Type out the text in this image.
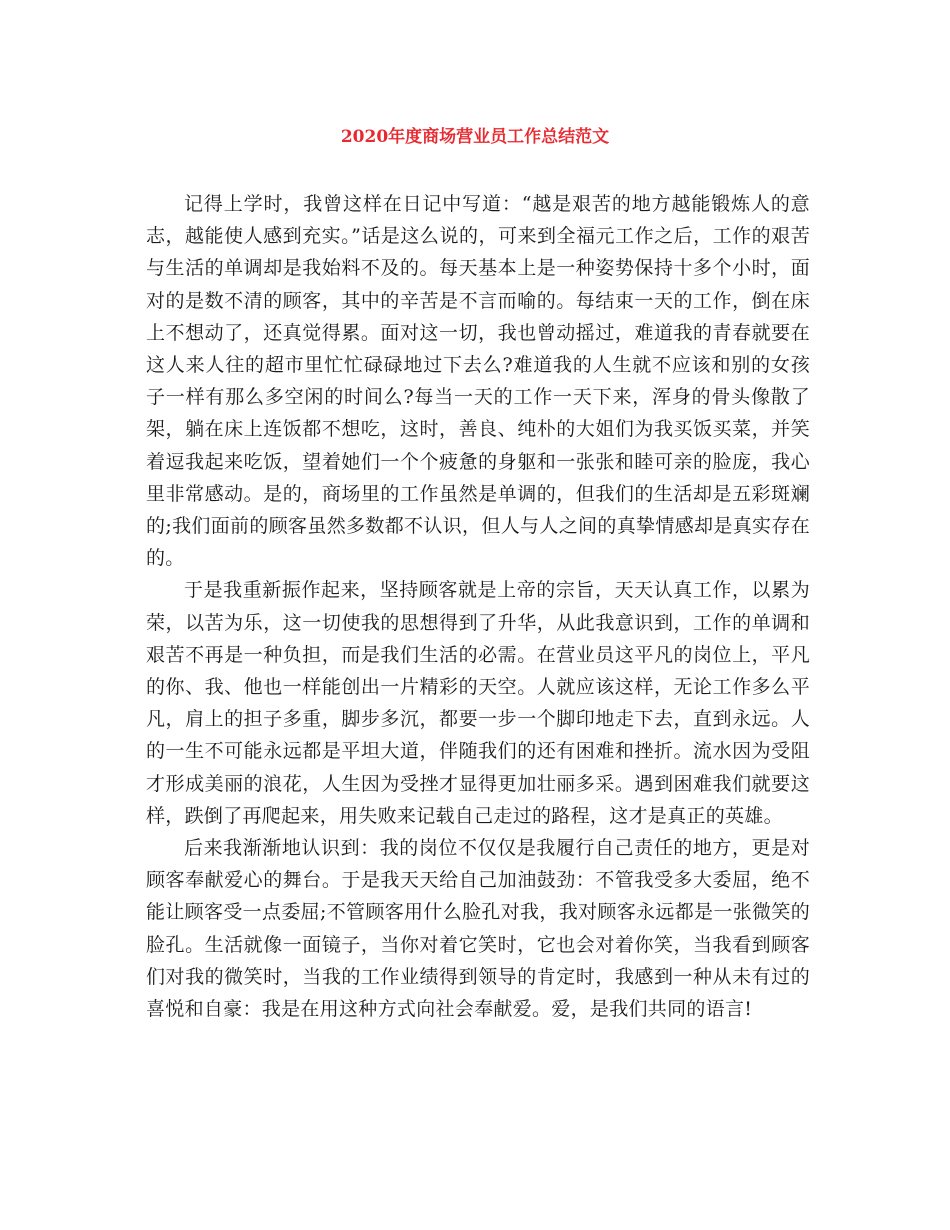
2020年度商场营业员工作总结范文

记得上学时，我曾这样在日记中写道：“越是艰苦的地方越能锻炼人的意志，越能使人感到充实。”话是这么说的，可来到全福元工作之后，工作的艰苦与生活的单调却是我始料不及的。每天基本上是一种姿势保持十多个小时，面对的是数不清的顾客，其中的辛苦是不言而喻的。每结束一天的工作，倒在床上不想动了，还真觉得累。面对这一切，我也曾动摇过，难道我的青春就要在这人来人往的超市里忙忙碌碌地过下去么?难道我的人生就不应该和别的女孩子一样有那么多空闲的时间么?每当一天的工作一天下来，浑身的骨头像散了架，躺在床上连饭都不想吃，这时，善良、纯朴的大姐们为我买饭买菜，并笑着逗我起来吃饭，望着她们一个个疲惫的身躯和一张张和睦可亲的脸庞，我心里非常感动。是的，商场里的工作虽然是单调的，但我们的生活却是五彩斑斓的;我们面前的顾客虽然多数都不认识，但人与人之间的真挚情感却是真实存在的。

于是我重新振作起来，坚持顾客就是上帝的宗旨，天天认真工作，以累为荣，以苦为乐，这一切使我的思想得到了升华，从此我意识到，工作的单调和艰苦不再是一种负担，而是我们生活的必需。在营业员这平凡的岗位上，平凡的你、我、他也一样能创出一片精彩的天空。人就应该这样，无论工作多么平凡，肩上的担子多重，脚步多沉，都要一步一个脚印地走下去，直到永远。人的一生不可能永远都是平坦大道，伴随我们的还有困难和挫折。流水因为受阻才形成美丽的浪花，人生因为受挫才显得更加壮丽多采。遇到困难我们就要这样，跌倒了再爬起来，用失败来记载自己走过的路程，这才是真正的英雄。

后来我渐渐地认识到：我的岗位不仅仅是我履行自己责任的地方，更是对顾客奉献爱心的舞台。于是我天天给自己加油鼓劲：不管我受多大委屈，绝不能让顾客受一点委屈;不管顾客用什么脸孔对我，我对顾客永远都是一张微笑的脸孔。生活就像一面镜子，当你对着它笑时，它也会对着你笑，当我看到顾客们对我的微笑时，当我的工作业绩得到领导的肯定时，我感到一种从未有过的喜悦和自豪：我是在用这种方式向社会奉献爱。爱，是我们共同的语言!
